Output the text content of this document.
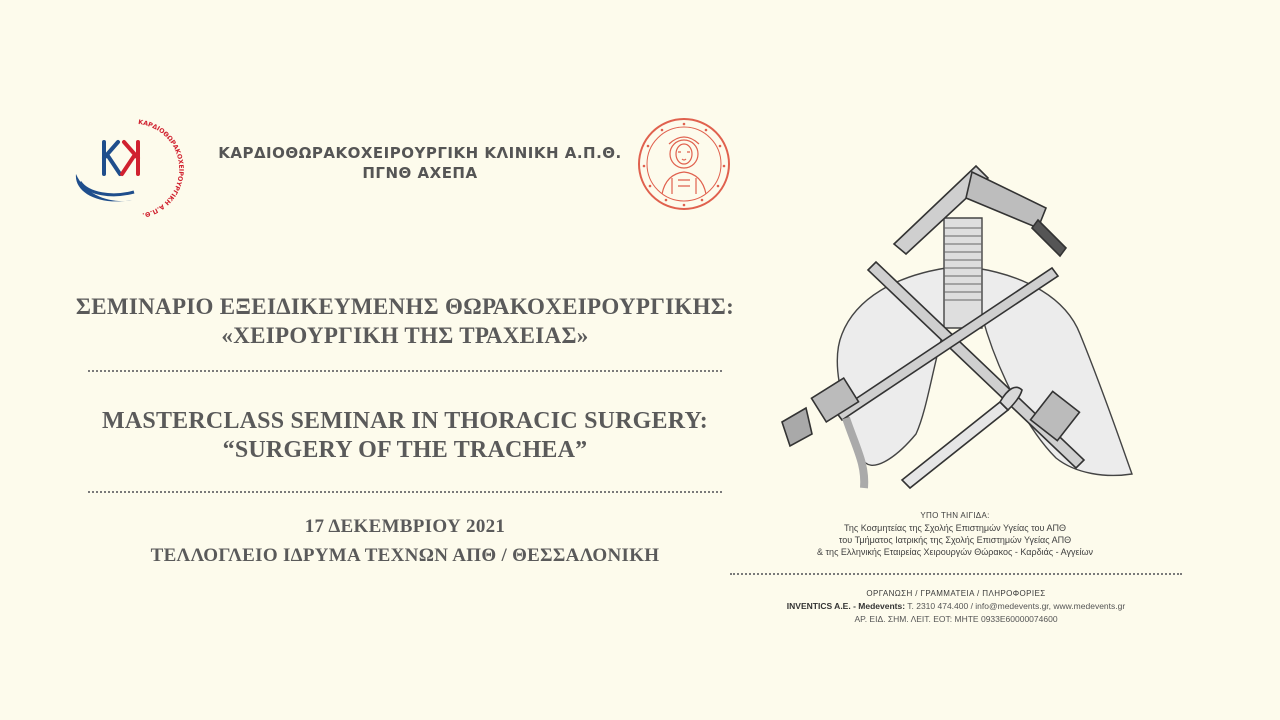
ΚΑΡΔΙΟΘΩΡΑΚΟΧΕΙΡΟΥΡΓΙΚΗ Α.Π.Θ.
ΚΑΡΔΙΟΘΩΡΑΚΟΧΕΙΡΟΥΡΓΙΚΗ ΚΛΙΝΙΚΗ Α.Π.Θ.
ΠΓΝΘ ΑΧΕΠΑ
ΣΕΜΙΝΑΡΙΟ ΕΞΕΙΔΙΚΕΥΜΕΝΗΣ ΘΩΡΑΚΟΧΕΙΡΟΥΡΓΙΚΗΣ:
«ΧΕΙΡΟΥΡΓΙΚΗ ΤΗΣ ΤΡΑΧΕΙΑΣ»
MASTERCLASS SEMINAR IN THORACIC SURGERY:
“SURGERY OF THE TRACHEA”
17 ΔΕΚΕΜΒΡΙΟΥ 2021
ΤΕΛΛΟΓΛΕΙΟ ΙΔΡΥΜΑ ΤΕΧΝΩΝ ΑΠΘ / ΘΕΣΣΑΛΟΝΙΚΗ
ΥΠΟ ΤΗΝ ΑΙΓΙΔΑ:
Της Κοσμητείας της Σχολής Επιστημών Υγείας του ΑΠΘ
του Τμήματος Ιατρικής της Σχολής Επιστημών Υγείας ΑΠΘ
& της Ελληνικής Εταιρείας Χειρουργών Θώρακος - Καρδιάς - Αγγείων
ΟΡΓΑΝΩΣΗ / ΓΡΑΜΜΑΤΕΙΑ / ΠΛΗΡΟΦΟΡΙΕΣ
INVENTICS A.E. - Medevents: T. 2310 474.400 / info@medevents.gr, www.medevents.gr
ΑΡ. ΕΙΔ. ΣΗΜ. ΛΕΙΤ. ΕΟΤ: ΜΗΤΕ 0933Ε60000074600
